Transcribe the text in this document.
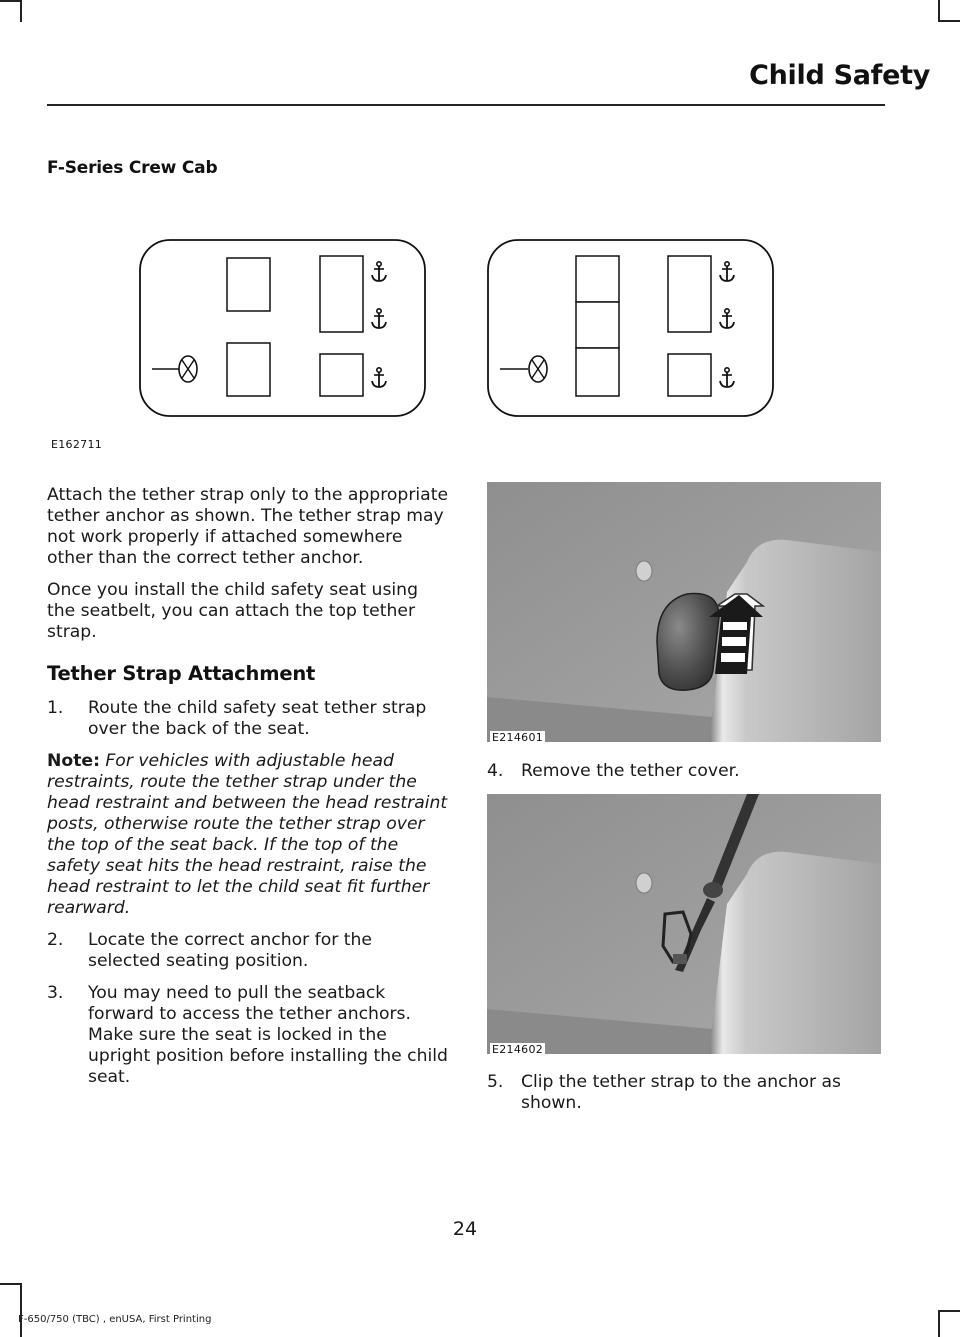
Child Safety
F-Series Crew Cab
E162711

Attach the tether strap only to the appropriate tether anchor as shown. The tether strap may not work properly if attached somewhere other than the correct tether anchor.

Once you install the child safety seat using the seatbelt, you can attach the top tether strap.

Tether Strap Attachment
1.	Route the child safety seat tether strap over the back of the seat.
Note: For vehicles with adjustable head restraints, route the tether strap under the head restraint and between the head restraint posts, otherwise route the tether strap over the top of the seat back. If the top of the safety seat hits the head restraint, raise the head restraint to let the child seat fit further rearward.
2.	Locate the correct anchor for the selected seating position.
3.	You may need to pull the seatback forward to access the tether anchors. Make sure the seat is locked in the upright position before installing the child seat.
E214601
4.	Remove the tether cover.
E214602
5.	Clip the tether strap to the anchor as shown.
24
F-650/750 (TBC) , enUSA, First Printing
